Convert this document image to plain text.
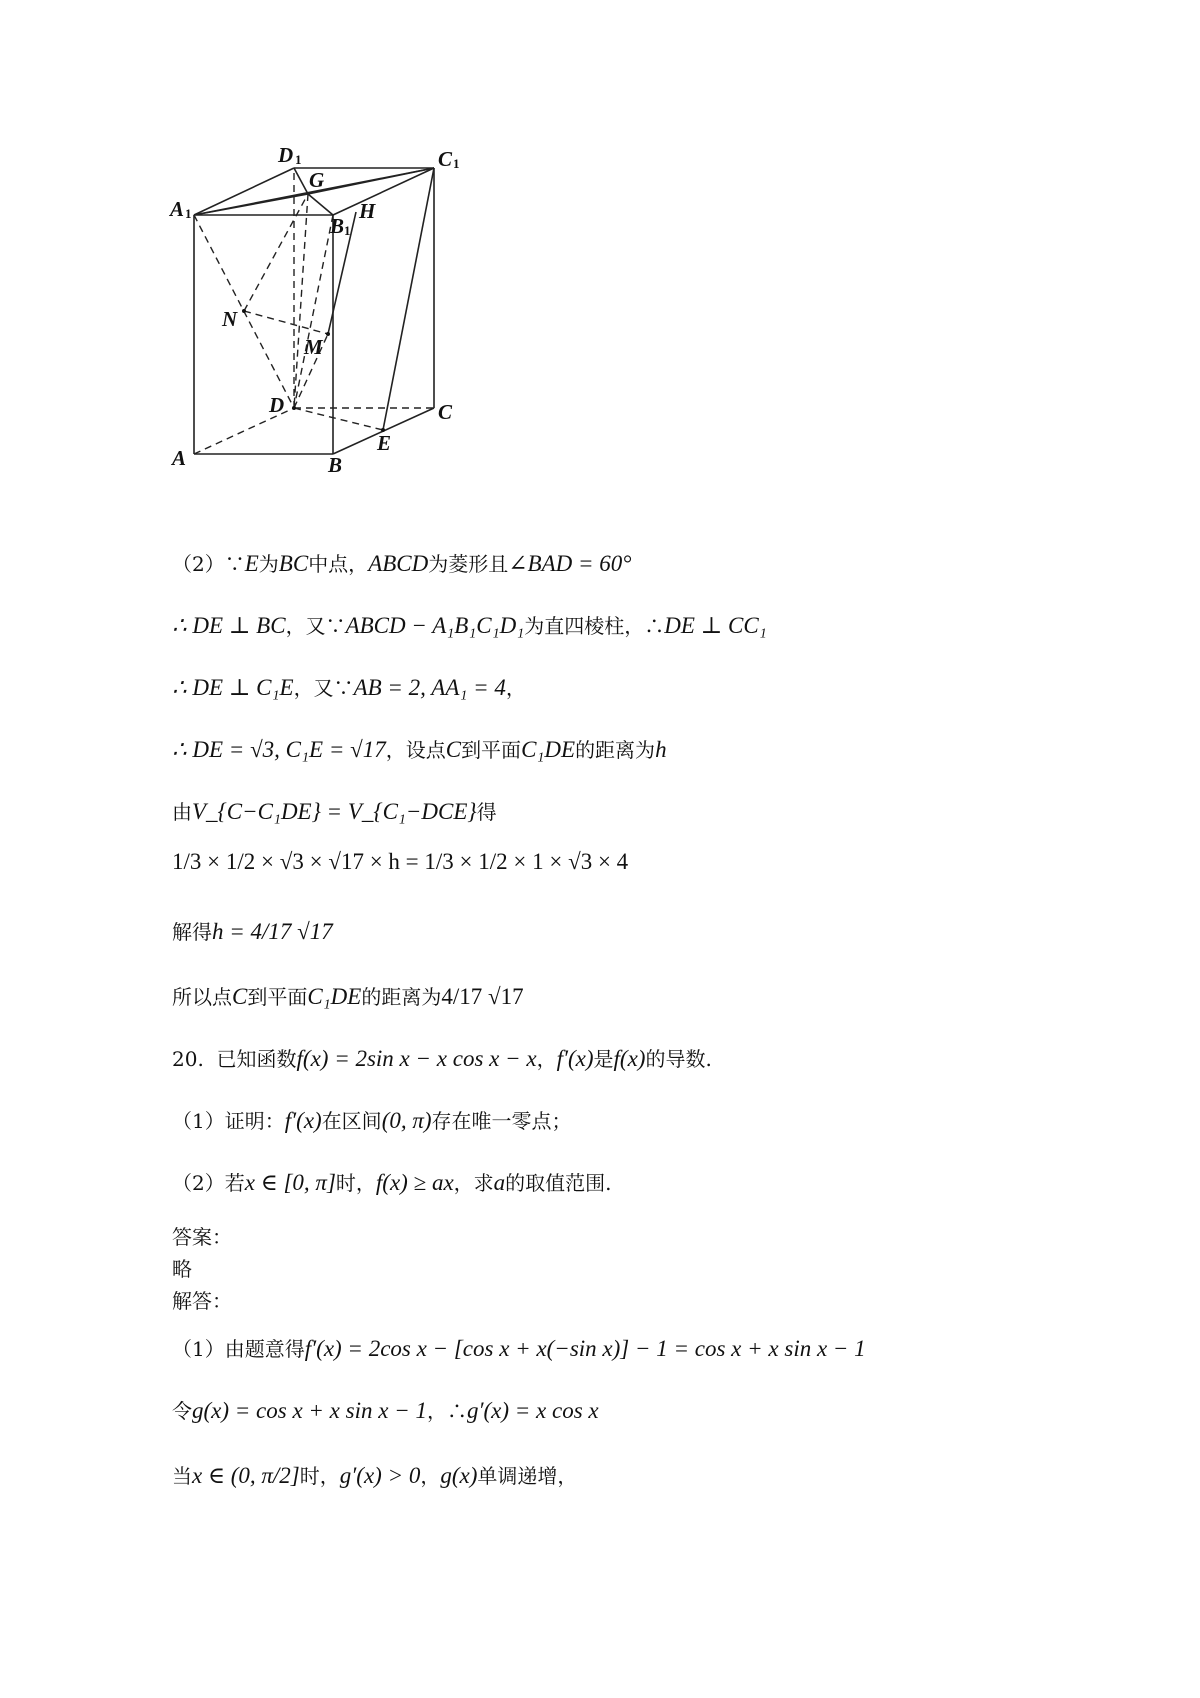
D 1	C 1
G
A 1	H
B 1
N
M
D	C
E
A	B
（2）∵E为BC中点，ABCD为菱形且∠BAD = 60°
∴ DE ⊥ BC，又∵ABCD − A₁B₁C₁D₁为直四棱柱，∴DE ⊥ CC₁
∴ DE ⊥ C₁E，又∵AB = 2, AA₁ = 4，
∴ DE = √3, C₁E = √17，设点C到平面C₁DE的距离为h
由V_{C−C₁DE} = V_{C₁−DCE}得
1/3 × 1/2 × √3 × √17 × h = 1/3 × 1/2 × 1 × √3 × 4
解得h = 4/17 √17
所以点C到平面C₁DE的距离为4/17 √17
20. 已知函数f(x) = 2sin x − x cos x − x，f′(x)是f(x)的导数.
（1）证明：f′(x)在区间(0, π)存在唯一零点；
（2）若x ∈ [0, π]时，f(x) ≥ ax，求a的取值范围.
答案：
略
解答：
（1）由题意得f′(x) = 2cos x − [cos x + x(−sin x)] − 1 = cos x + x sin x − 1
令g(x) = cos x + x sin x − 1，∴g′(x) = x cos x
当x ∈ (0, π/2]时，g′(x) > 0，g(x)单调递增，
